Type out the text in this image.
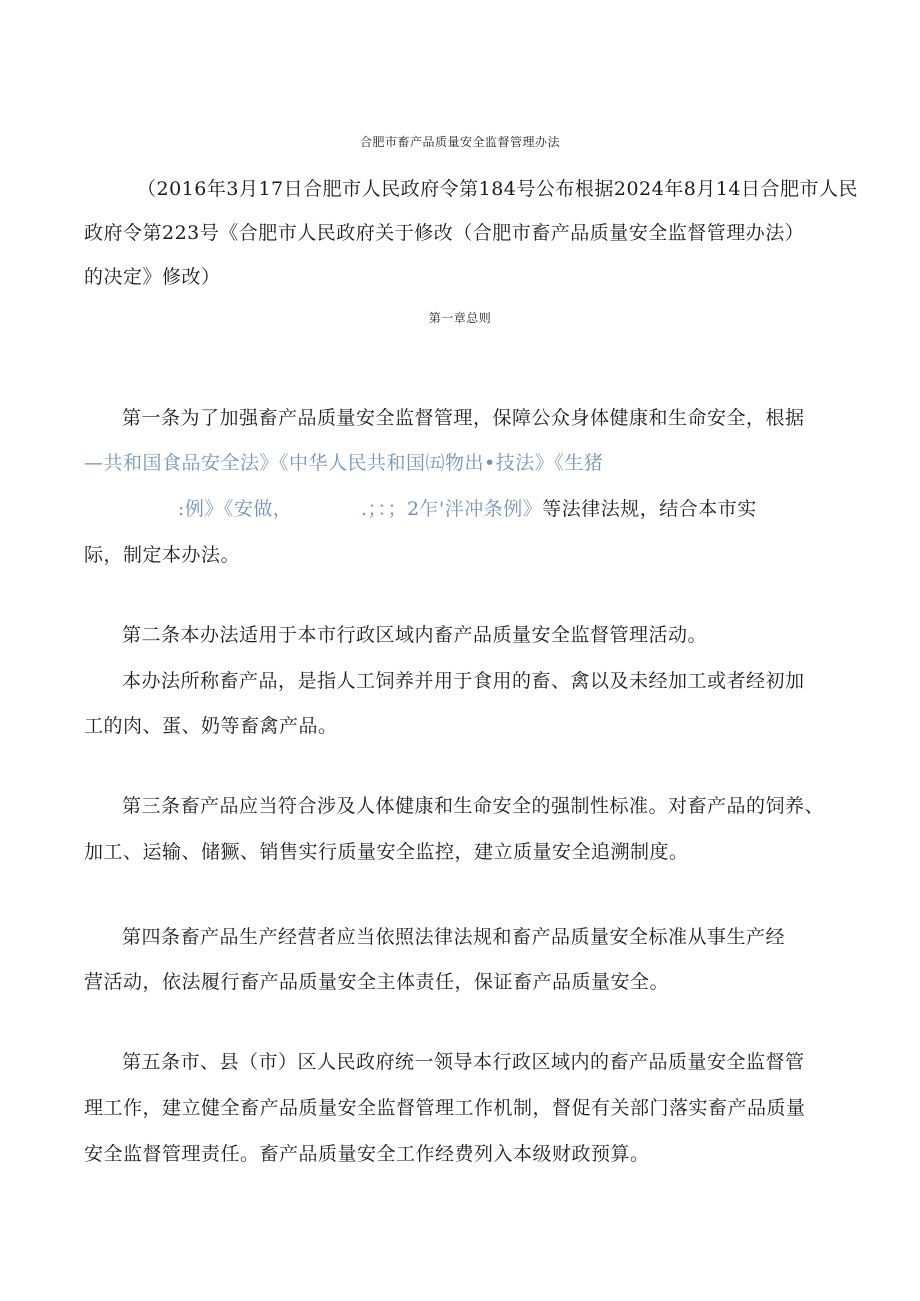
合肥市畜产品质量安全监督管理办法
（2016年3月17日合肥市人民政府令第184号公布根据2024年8月14日合肥市人民
政府令第223号《合肥市人民政府关于修改（合肥市畜产品质量安全监督管理办法）
的决定》修改）
第一章总则
第一条为了加强畜产品质量安全监督管理，保障公众身体健康和生命安全，根据
—共和国食品安全法》《中华人民共和国㈤物出•技法》《生猪
:例》《安做，　　　　.；：；2乍'泮冲条例》等法律法规，结合本市实
际，制定本办法。
第二条本办法适用于本市行政区域内畜产品质量安全监督管理活动。
本办法所称畜产品，是指人工饲养并用于食用的畜、禽以及未经加工或者经初加
工的肉、蛋、奶等畜禽产品。
第三条畜产品应当符合涉及人体健康和生命安全的强制性标准。对畜产品的饲养、
加工、运输、储獗、销售实行质量安全监控，建立质量安全追溯制度。
第四条畜产品生产经营者应当依照法律法规和畜产品质量安全标准从事生产经
营活动，依法履行畜产品质量安全主体责任，保证畜产品质量安全。
第五条市、县（市）区人民政府统一领导本行政区域内的畜产品质量安全监督管
理工作，建立健全畜产品质量安全监督管理工作机制，督促有关部门落实畜产品质量
安全监督管理责任。畜产品质量安全工作经费列入本级财政预算。
